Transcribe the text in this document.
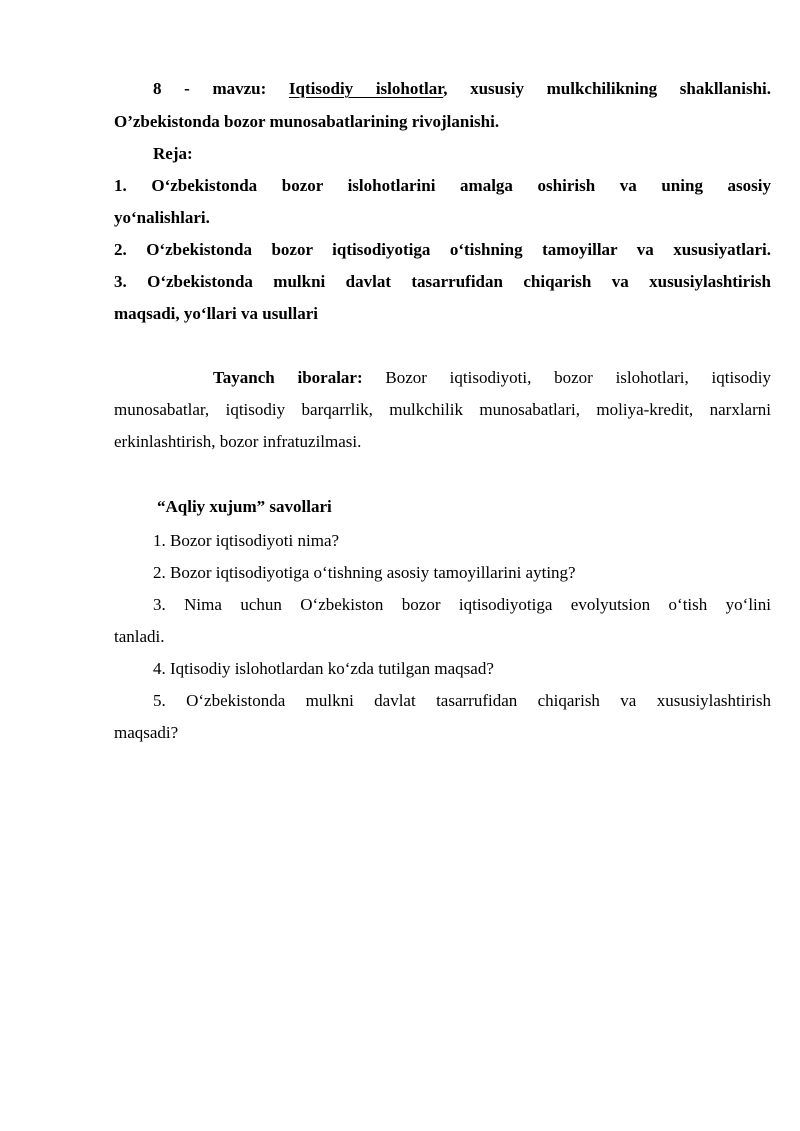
8 - mavzu: Iqtisodiy islohotlar, xususiy mulkchilikning shakllanishi.

O’zbekistonda bozor munosabatlarining rivojlanishi.

Reja:

1. O‘zbekistonda bozor islohotlarini amalga oshirish va uning asosiy

yo‘nalishlari.

2. O‘zbekistonda bozor iqtisodiyotiga o‘tishning tamoyillar va xususiyatlari.

3. O‘zbekistonda mulkni davlat tasarrufidan chiqarish va xususiylashtirish

maqsadi, yo‘llari va usullari

Tayanch iboralar: Bozor iqtisodiyoti, bozor islohotlari, iqtisodiy

munosabatlar, iqtisodiy barqarrlik, mulkchilik munosabatlari, moliya-kredit, narxlarni

erkinlashtirish, bozor infratuzilmasi.

“Aqliy xujum” savollari

1. Bozor iqtisodiyoti nima?

2. Bozor iqtisodiyotiga o‘tishning asosiy tamoyillarini ayting?

3. Nima uchun O‘zbekiston bozor iqtisodiyotiga evolyutsion o‘tish yo‘lini

tanladi.

4. Iqtisodiy islohotlardan ko‘zda tutilgan maqsad?

5. O‘zbekistonda mulkni davlat tasarrufidan chiqarish va xususiylashtirish

maqsadi?
